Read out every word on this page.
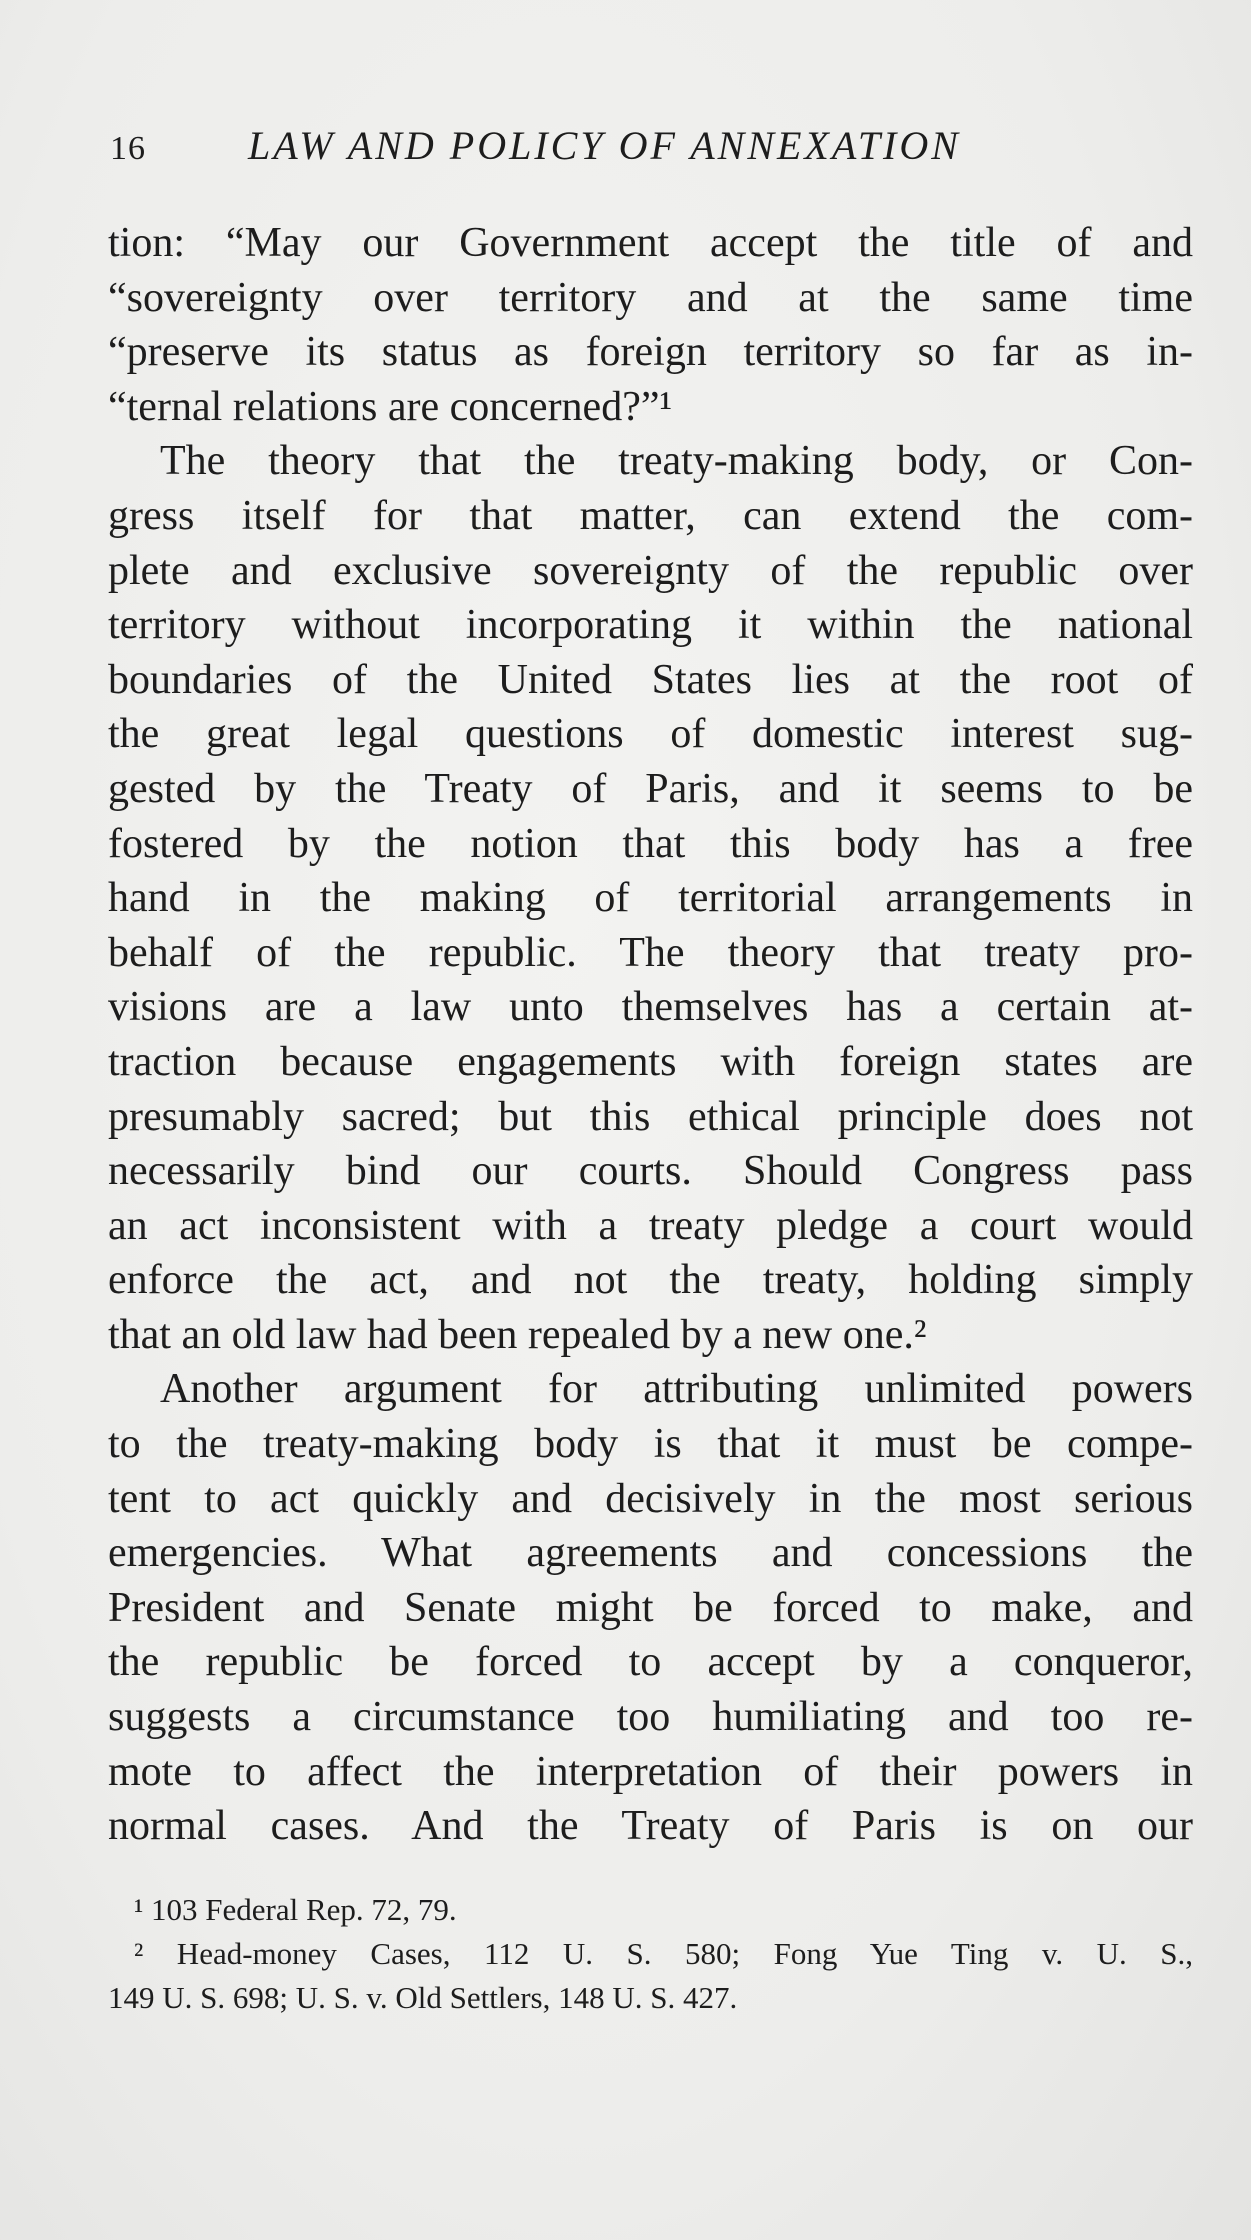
16	LAW AND POLICY OF ANNEXATION
tion: “May our Government accept the title of and
“sovereignty over territory and at the same time
“preserve its status as foreign territory so far as in-
“ternal relations are concerned?”¹
The theory that the treaty-making body, or Con-
gress itself for that matter, can extend the com-
plete and exclusive sovereignty of the republic over
territory without incorporating it within the national
boundaries of the United States lies at the root of
the great legal questions of domestic interest sug-
gested by the Treaty of Paris, and it seems to be
fostered by the notion that this body has a free
hand in the making of territorial arrangements in
behalf of the republic. The theory that treaty pro-
visions are a law unto themselves has a certain at-
traction because engagements with foreign states are
presumably sacred; but this ethical principle does not
necessarily bind our courts. Should Congress pass
an act inconsistent with a treaty pledge a court would
enforce the act, and not the treaty, holding simply
that an old law had been repealed by a new one.²
Another argument for attributing unlimited powers
to the treaty-making body is that it must be compe-
tent to act quickly and decisively in the most serious
emergencies. What agreements and concessions the
President and Senate might be forced to make, and
the republic be forced to accept by a conqueror,
suggests a circumstance too humiliating and too re-
mote to affect the interpretation of their powers in
normal cases. And the Treaty of Paris is on our
¹ 103 Federal Rep. 72, 79.
² Head-money Cases, 112 U. S. 580; Fong Yue Ting v. U. S.,
149 U. S. 698; U. S. v. Old Settlers, 148 U. S. 427.
